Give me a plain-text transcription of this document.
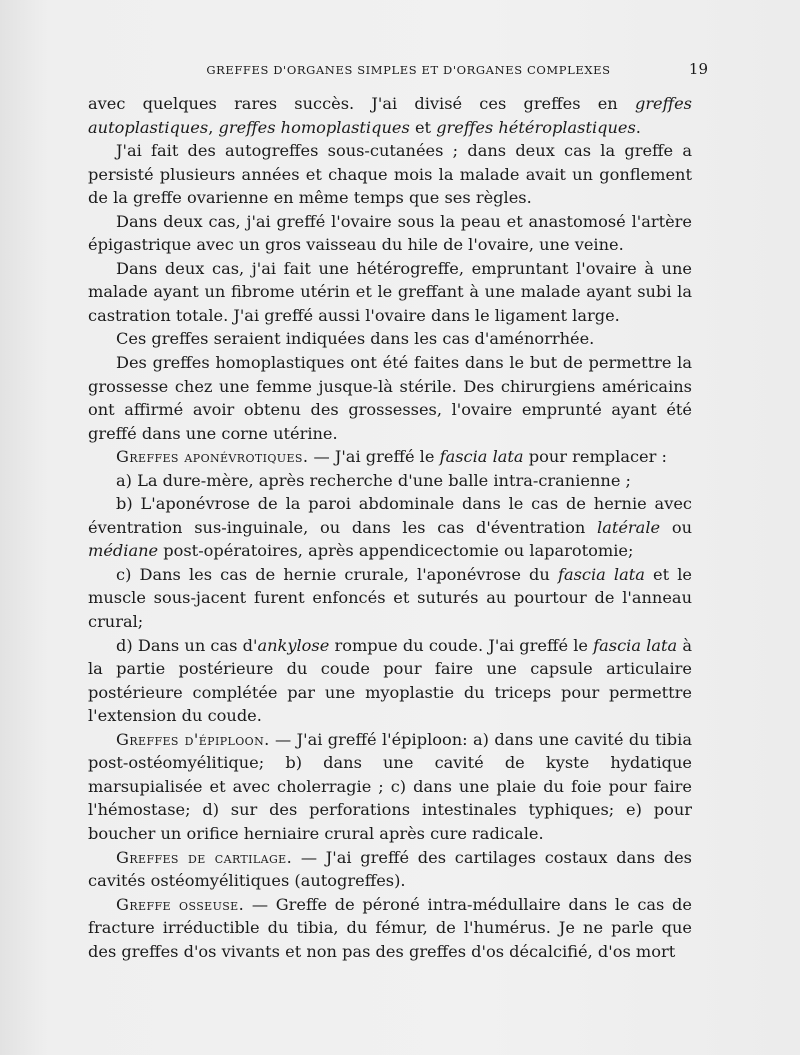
GREFFES D'ORGANES SIMPLES ET D'ORGANES COMPLEXES	19

avec quelques rares succès. J'ai divisé ces greffes en greffes autoplastiques, greffes homoplastiques et greffes hétéroplastiques.

J'ai fait des autogreffes sous-cutanées ; dans deux cas la greffe a persisté plusieurs années et chaque mois la malade avait un gonflement de la greffe ovarienne en même temps que ses règles.

Dans deux cas, j'ai greffé l'ovaire sous la peau et anastomosé l'artère épigastrique avec un gros vaisseau du hile de l'ovaire, une veine.

Dans deux cas, j'ai fait une hétérogreffe, empruntant l'ovaire à une malade ayant un fibrome utérin et le greffant à une malade ayant subi la castration totale. J'ai greffé aussi l'ovaire dans le ligament large.

Ces greffes seraient indiquées dans les cas d'aménorrhée.

Des greffes homoplastiques ont été faites dans le but de permettre la grossesse chez une femme jusque-là stérile. Des chirurgiens américains ont affirmé avoir obtenu des grossesses, l'ovaire emprunté ayant été greffé dans une corne utérine.

Greffes aponévrotiques. — J'ai greffé le fascia lata pour remplacer :

a) La dure-mère, après recherche d'une balle intra-cranienne ;

b) L'aponévrose de la paroi abdominale dans le cas de hernie avec éventration sus-inguinale, ou dans les cas d'éventration latérale ou médiane post-opératoires, après appendicectomie ou laparotomie;

c) Dans les cas de hernie crurale, l'aponévrose du fascia lata et le muscle sous-jacent furent enfoncés et suturés au pourtour de l'anneau crural;

d) Dans un cas d'ankylose rompue du coude. J'ai greffé le fascia lata à la partie postérieure du coude pour faire une capsule articulaire postérieure complétée par une myoplastie du triceps pour permettre l'extension du coude.

Greffes d'épiploon. — J'ai greffé l'épiploon: a) dans une cavité du tibia post-ostéomyélitique; b) dans une cavité de kyste hydatique marsupialisée et avec cholerragie ; c) dans une plaie du foie pour faire l'hémostase; d) sur des perforations intestinales typhiques; e) pour boucher un orifice herniaire crural après cure radicale.

Greffes de cartilage. — J'ai greffé des cartilages costaux dans des cavités ostéomyélitiques (autogreffes).

Greffe osseuse. — Greffe de péroné intra-médullaire dans le cas de fracture irréductible du tibia, du fémur, de l'humérus. Je ne parle que des greffes d'os vivants et non pas des greffes d'os décalcifié, d'os mort
